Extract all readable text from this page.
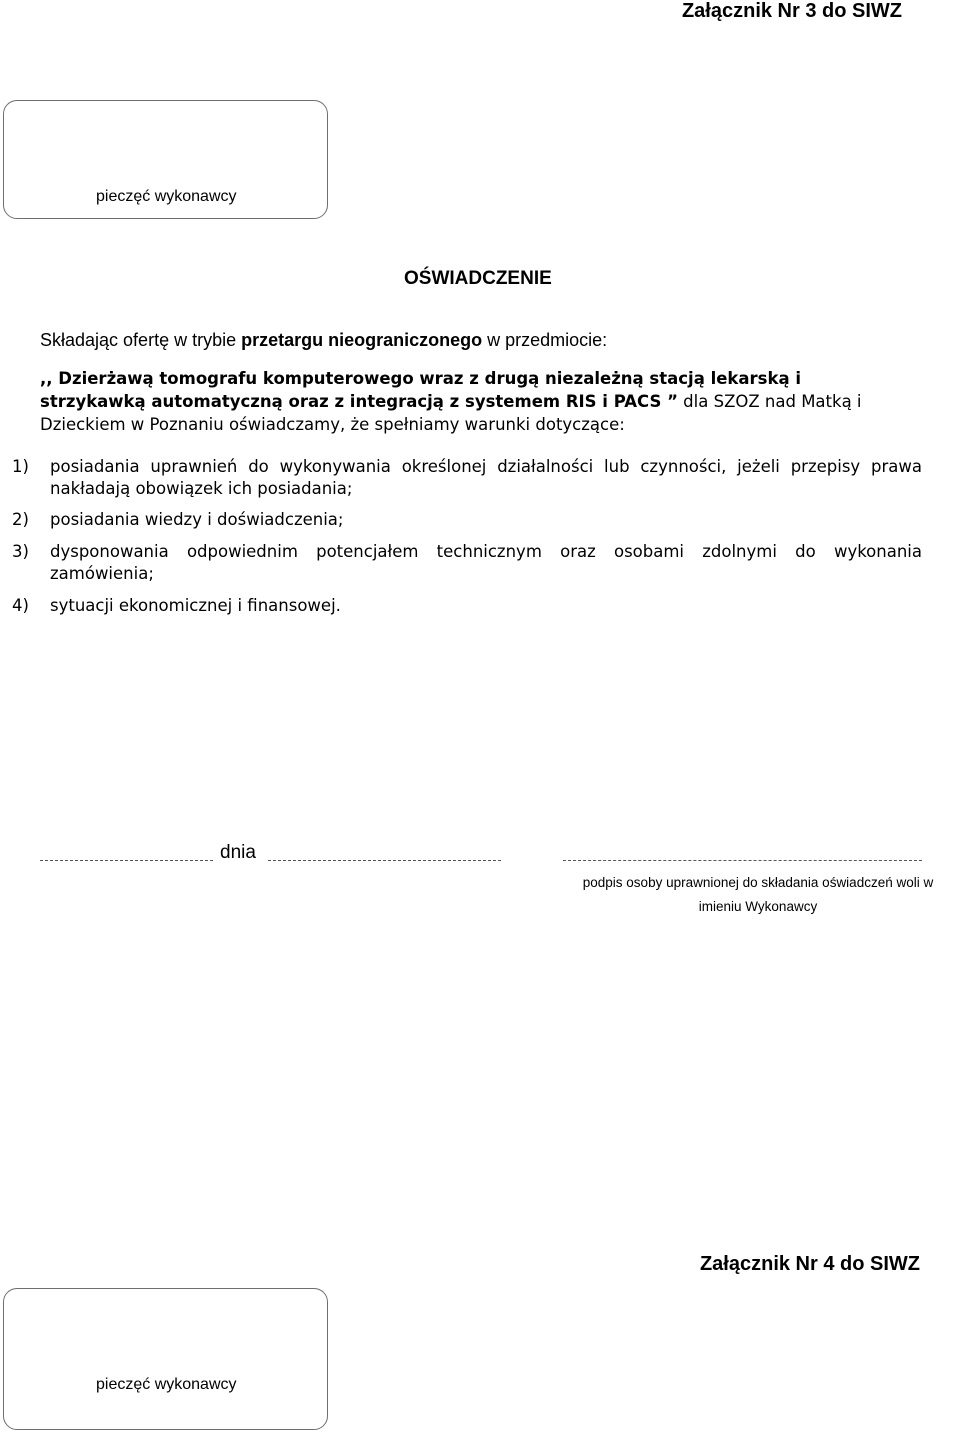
Załącznik Nr 3 do SIWZ
pieczęć wykonawcy
OŚWIADCZENIE
Składając ofertę w trybie przetargu nieograniczonego w przedmiocie:
,, Dzierżawą tomografu komputerowego wraz z drugą niezależną stacją lekarską i
strzykawką automatyczną oraz z integracją z systemem RIS i PACS ” dla SZOZ nad Matką i
Dzieckiem w Poznaniu oświadczamy, że spełniamy warunki dotyczące:
1) posiadania uprawnień do wykonywania określonej działalności lub czynności, jeżeli przepisy prawa
nakładają obowiązek ich posiadania;
2) posiadania wiedzy i doświadczenia;
3) dysponowania odpowiednim potencjałem technicznym oraz osobami zdolnymi do wykonania
zamówienia;
4) sytuacji ekonomicznej i finansowej.
dnia
podpis osoby uprawnionej do składania oświadczeń woli w
imieniu Wykonawcy
Załącznik Nr 4 do SIWZ
pieczęć wykonawcy
